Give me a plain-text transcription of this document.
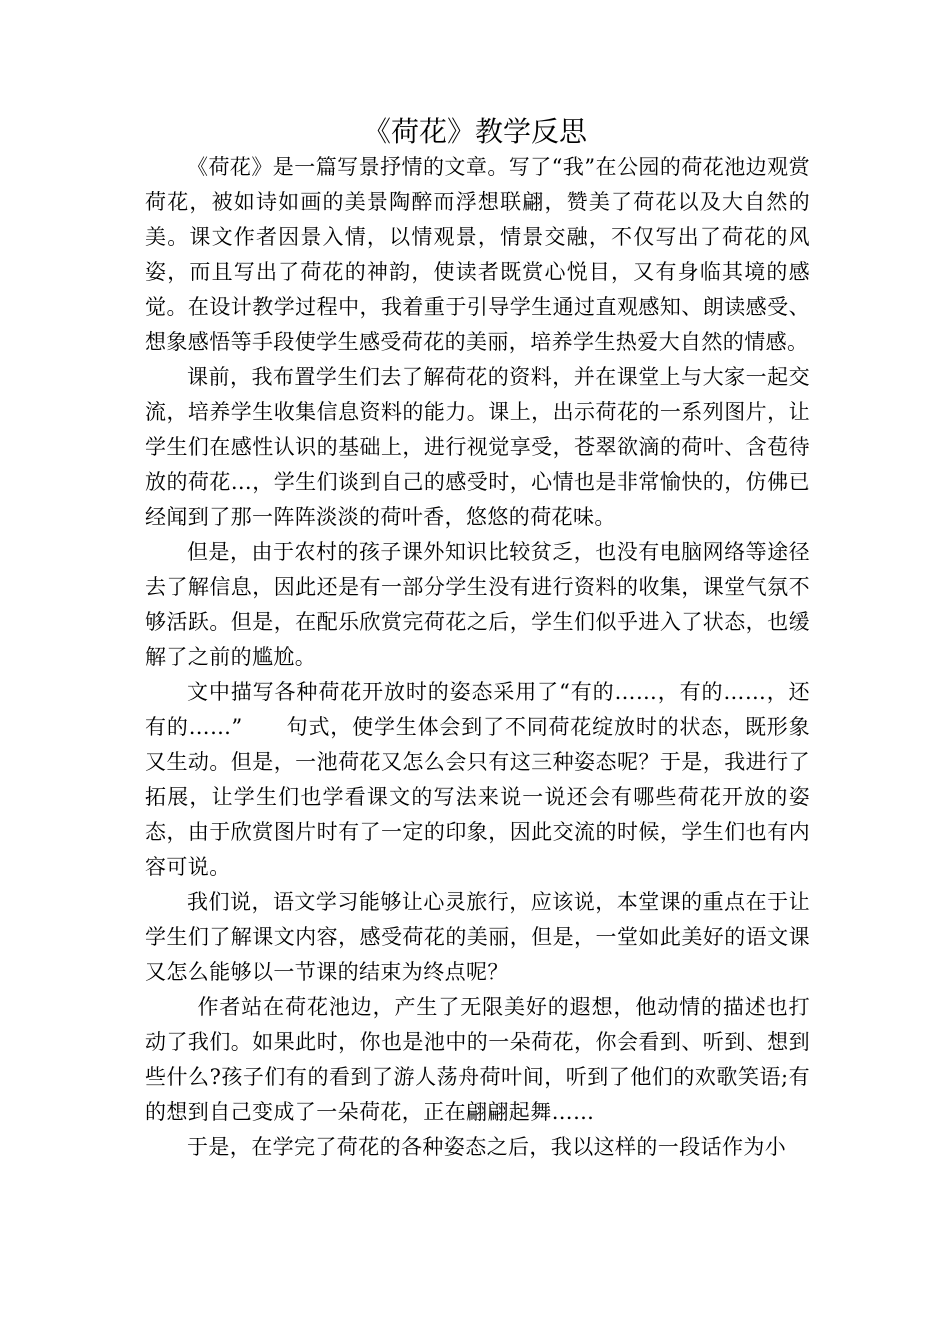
《荷花》教学反思

《荷花》是一篇写景抒情的文章。写了“我”在公园的荷花池边观赏荷花，被如诗如画的美景陶醉而浮想联翩，赞美了荷花以及大自然的美。课文作者因景入情，以情观景，情景交融，不仅写出了荷花的风姿，而且写出了荷花的神韵，使读者既赏心悦目，又有身临其境的感觉。在设计教学过程中，我着重于引导学生通过直观感知、朗读感受、想象感悟等手段使学生感受荷花的美丽，培养学生热爱大自然的情感。

课前，我布置学生们去了解荷花的资料，并在课堂上与大家一起交流，培养学生收集信息资料的能力。课上，出示荷花的一系列图片，让学生们在感性认识的基础上，进行视觉享受，苍翠欲滴的荷叶、含苞待放的荷花…，学生们谈到自己的感受时，心情也是非常愉快的，仿佛已经闻到了那一阵阵淡淡的荷叶香，悠悠的荷花味。

但是，由于农村的孩子课外知识比较贫乏，也没有电脑网络等途径去了解信息，因此还是有一部分学生没有进行资料的收集，课堂气氛不够活跃。但是，在配乐欣赏完荷花之后，学生们似乎进入了状态，也缓解了之前的尴尬。

文中描写各种荷花开放时的姿态采用了“有的……，有的……，还有的……”　　句式，使学生体会到了不同荷花绽放时的状态，既形象又生动。但是，一池荷花又怎么会只有这三种姿态呢？于是，我进行了拓展，让学生们也学看课文的写法来说一说还会有哪些荷花开放的姿态，由于欣赏图片时有了一定的印象，因此交流的时候，学生们也有内容可说。

我们说，语文学习能够让心灵旅行，应该说，本堂课的重点在于让学生们了解课文内容，感受荷花的美丽，但是，一堂如此美好的语文课又怎么能够以一节课的结束为终点呢？

作者站在荷花池边，产生了无限美好的遐想，他动情的描述也打动了我们。如果此时，你也是池中的一朵荷花，你会看到、听到、想到些什么?孩子们有的看到了游人荡舟荷叶间，听到了他们的欢歌笑语;有的想到自己变成了一朵荷花，正在翩翩起舞……

于是，在学完了荷花的各种姿态之后，我以这样的一段话作为小
